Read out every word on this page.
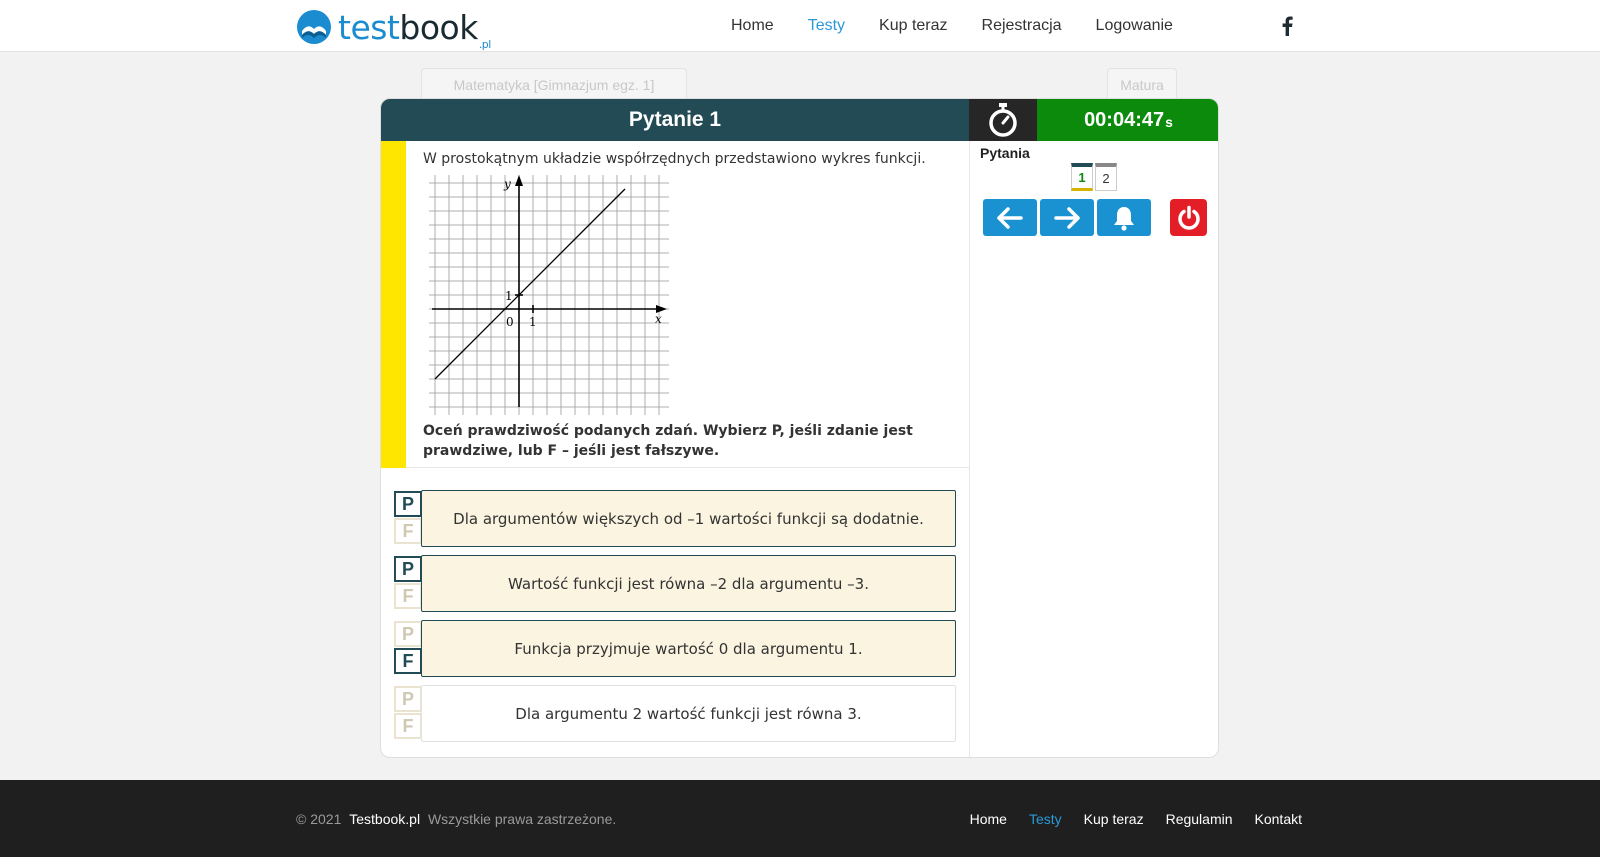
testbook$_{.pl}$
Home Testy Kup teraz Rejestracja Logowanie
Matematyka [Gimnazjum egz. 1]	Matura
Pytanie 1	00:04:47 s
W prostokątnym układzie współrzędnych przedstawiono wykres funkcji.
y
x
1
1
0
Oceń prawdziwość podanych zdań. Wybierz P, jeśli zdanie jest prawdziwe, lub F – jeśli jest fałszywe.
Pytania
1	2
P
F
Dla argumentów większych od –1 wartości funkcji są dodatnie.
P
F
Wartość funkcji jest równa –2 dla argumentu –3.
P
F
Funkcja przyjmuje wartość 0 dla argumentu 1.
P
F
Dla argumentu 2 wartość funkcji jest równa 3.
© 2021 Testbook.pl Wszystkie prawa zastrzeżone.	Home Testy Kup teraz Regulamin Kontakt
